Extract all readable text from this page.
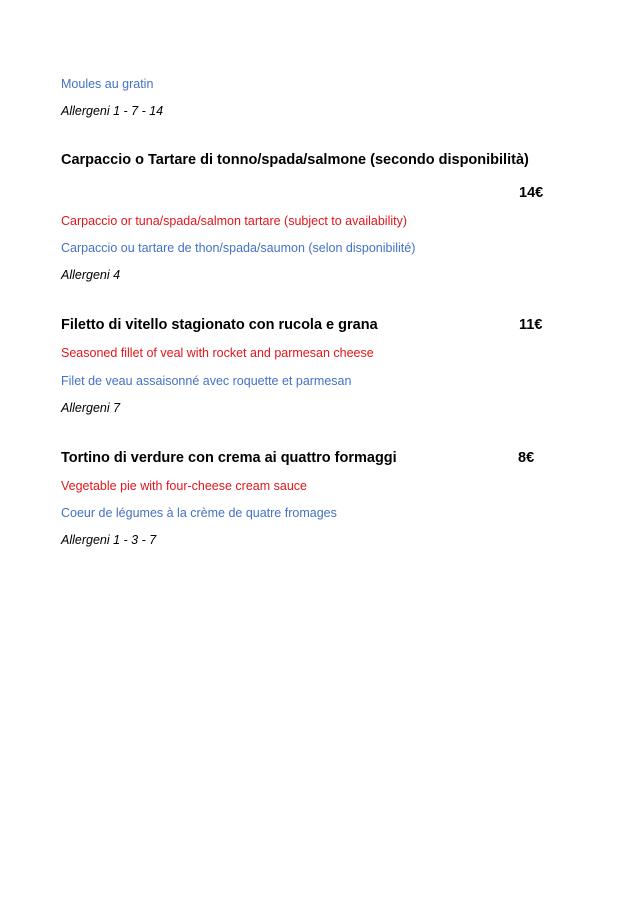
Moules au gratin
Allergeni 1 - 7 - 14
Carpaccio o Tartare di tonno/spada/salmone (secondo disponibilità)
14€
Carpaccio or tuna/spada/salmon tartare (subject to availability)
Carpaccio ou tartare de thon/spada/saumon (selon disponibilité)
Allergeni 4
Filetto di vitello stagionato con rucola e grana	11€
Seasoned fillet of veal with rocket and parmesan cheese
Filet de veau assaisonné avec roquette et parmesan
Allergeni 7
Tortino di verdure con crema ai quattro formaggi	8€
Vegetable pie with four-cheese cream sauce
Coeur de légumes à la crème de quatre fromages
Allergeni 1 - 3 - 7
